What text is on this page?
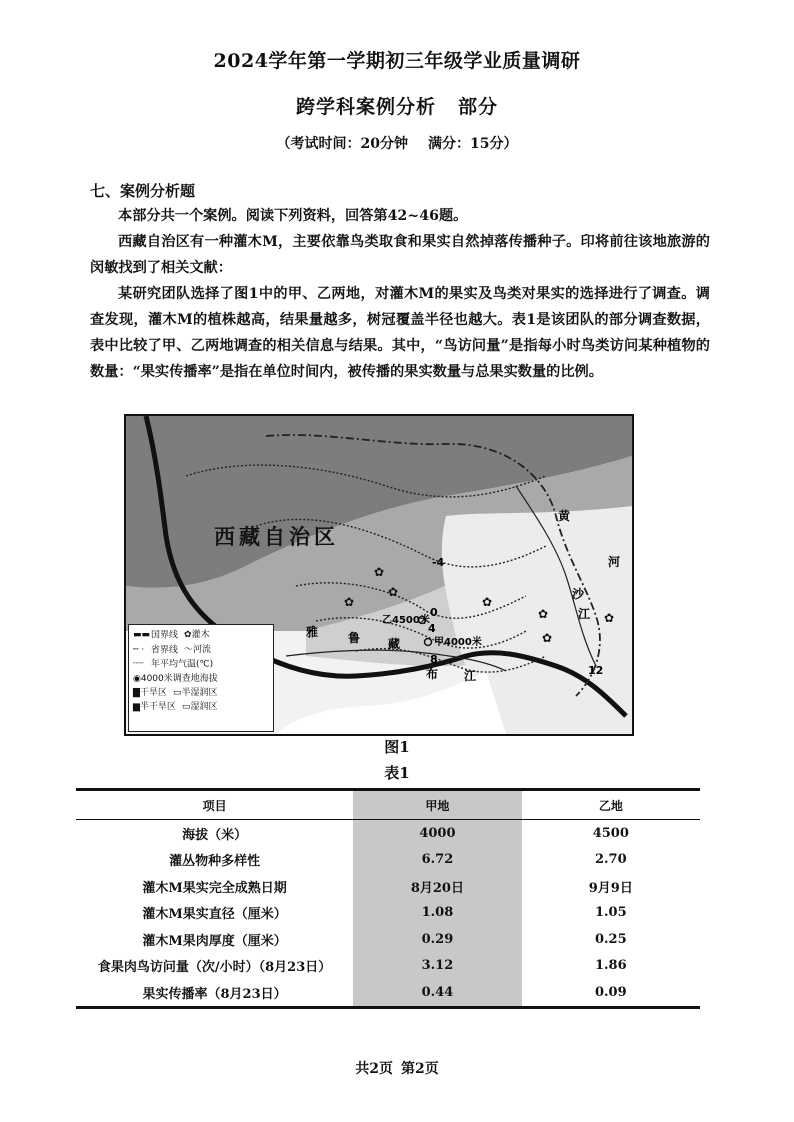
2024学年第一学期初三年级学业质量调研
跨学科案例分析 部分
（考试时间：20分钟 满分：15分）
七、案例分析题
本部分共一个案例。阅读下列资料，回答第42~46题。
西藏自治区有一种灌木M，主要依靠鸟类取食和果实自然掉落传播种子。印将前往该地旅游的闵敏找到了相关文献：
某研究团队选择了图1中的甲、乙两地，对灌木M的果实及鸟类对果实的选择进行了调查。调查发现，灌木M的植株越高，结果量越多，树冠覆盖半径也越大。表1是该团队的部分调查数据，表中比较了甲、乙两地调查的相关信息与结果。其中，“鸟访问量”是指每小时鸟类访问某种植物的数量：“果实传播率”是指在单位时间内，被传播的果实数量与总果实数量的比例。
西藏自治区
-4
0
4
8
12
乙4500米
甲4000米
黄
河
沙
江
布
江
雅 鲁 藏
✿
✿
✿
✿
✿	✿
✿
▬▬国界线 ✿灌木
─ · 省界线 〜河流
┈┈ 年平均气温(℃)
◉4000米调查地海拔
▇干旱区 ▭半湿润区
▆半干旱区 ▭湿润区
图1
表1
项目	甲地	乙地
海拔（米）	4000	4500
灌丛物种多样性	6.72	2.70
灌木M果实完全成熟日期	8月20日	9月9日
灌木M果实直径（厘米）	1.08	1.05
灌木M果肉厚度（厘米）	0.29	0.25
食果肉鸟访问量（次/小时）（8月23日）	3.12	1.86
果实传播率（8月23日）	0.44	0.09
共2页 第2页
